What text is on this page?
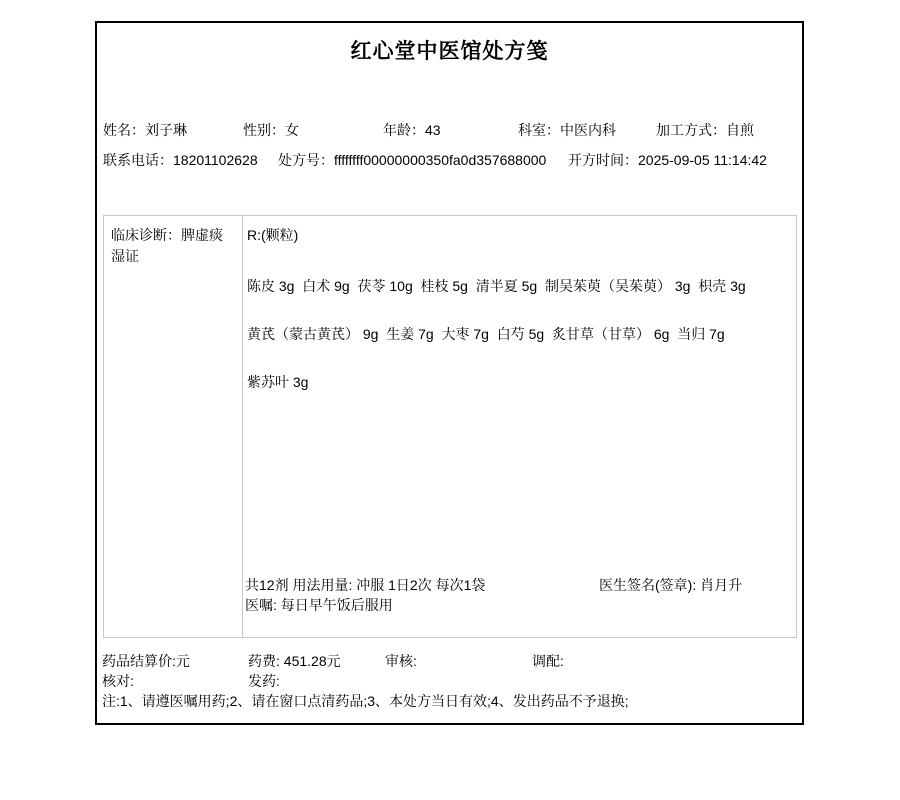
红心堂中医馆处方笺
姓名：刘子琳	性别：女	年龄：43	科室：中医内科	加工方式：自煎
联系电话：18201102628 处方号：ffffffff00000000350fa0d357688000 开方时间：2025-09-05 11:14:42
临床诊断：脾虚痰湿证
R:(颗粒)
陈皮 3g  白术 9g  茯苓 10g  桂枝 5g  清半夏 5g  制吴茱萸（吴茱萸） 3g  枳壳 3g
黄芪（蒙古黄芪） 9g  生姜 7g  大枣 7g  白芍 5g  炙甘草（甘草） 6g  当归 7g
紫苏叶 3g
共12剂 用法用量: 冲服 1日2次 每次1袋	医生签名(签章): 肖月升
医嘱: 每日早午饭后服用
药品结算价:元	药费: 451.28元	审核:	调配:
核对:	发药:
注:1、请遵医嘱用药;2、请在窗口点清药品;3、本处方当日有效;4、发出药品不予退换;
